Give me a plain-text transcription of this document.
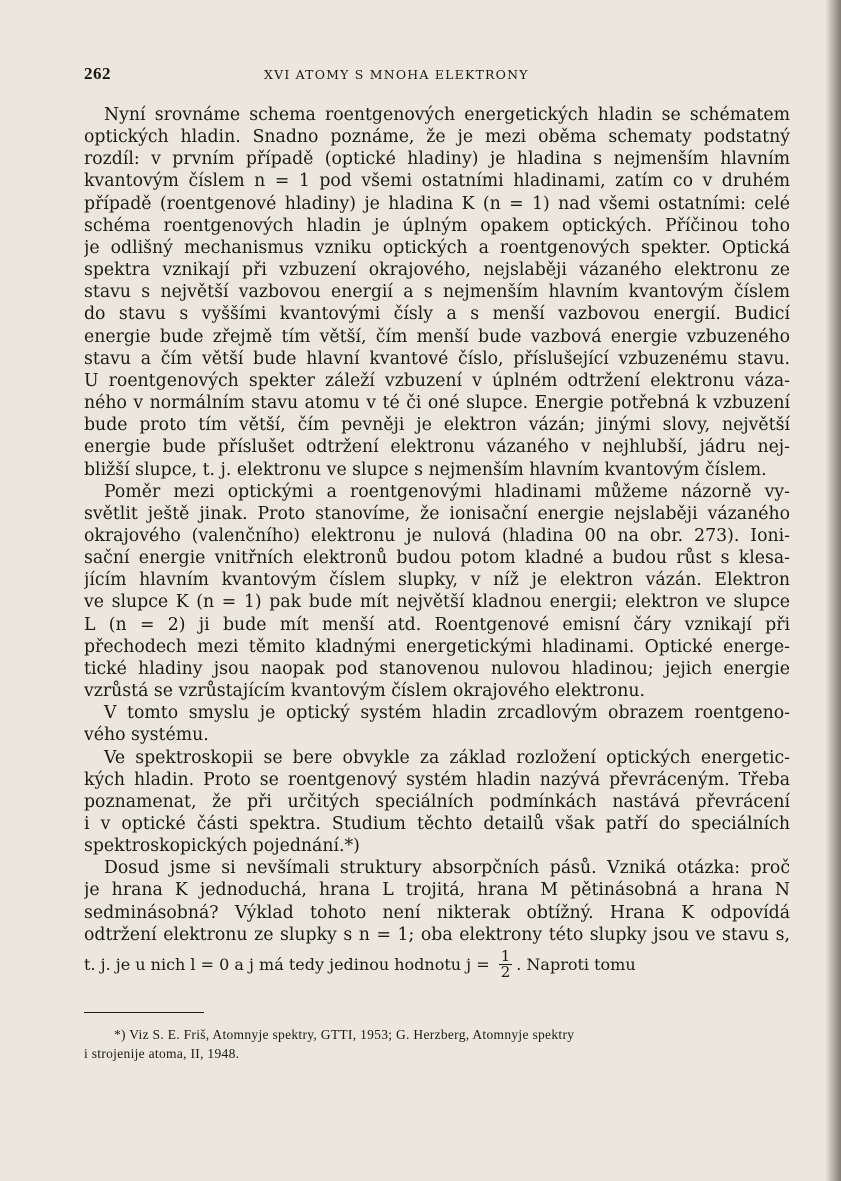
262	XVI ATOMY S MNOHA ELEKTRONY
Nyní srovnáme schema roentgenových energetických hladin se schématem
optických hladin. Snadno poznáme, že je mezi oběma schematy podstatný
rozdíl: v prvním případě (optické hladiny) je hladina s nejmenším hlavním
kvantovým číslem n = 1 pod všemi ostatními hladinami, zatím co v druhém
případě (roentgenové hladiny) je hladina K (n = 1) nad všemi ostatními: celé
schéma roentgenových hladin je úplným opakem optických. Příčinou toho
je odlišný mechanismus vzniku optických a roentgenových spekter. Optická
spektra vznikají při vzbuzení okrajového, nejslaběji vázaného elektronu ze
stavu s největší vazbovou energií a s nejmenším hlavním kvantovým číslem
do stavu s vyššími kvantovými čísly a s menší vazbovou energií. Budicí
energie bude zřejmě tím větší, čím menší bude vazbová energie vzbuzeného
stavu a čím větší bude hlavní kvantové číslo, příslušející vzbuzenému stavu.
U roentgenových spekter záleží vzbuzení v úplném odtržení elektronu váza-
ného v normálním stavu atomu v té či oné slupce. Energie potřebná k vzbuzení
bude proto tím větší, čím pevněji je elektron vázán; jinými slovy, největší
energie bude příslušet odtržení elektronu vázaného v nejhlubší, jádru nej-
bližší slupce, t. j. elektronu ve slupce s nejmenším hlavním kvantovým číslem.
Poměr mezi optickými a roentgenovými hladinami můžeme názorně vy-
světlit ještě jinak. Proto stanovíme, že ionisační energie nejslaběji vázaného
okrajového (valenčního) elektronu je nulová (hladina 00 na obr. 273). Ioni-
sační energie vnitřních elektronů budou potom kladné a budou růst s klesa-
jícím hlavním kvantovým číslem slupky, v níž je elektron vázán. Elektron
ve slupce K (n = 1) pak bude mít největší kladnou energii; elektron ve slupce
L (n = 2) ji bude mít menší atd. Roentgenové emisní čáry vznikají při
přechodech mezi těmito kladnými energetickými hladinami. Optické energe-
tické hladiny jsou naopak pod stanovenou nulovou hladinou; jejich energie
vzrůstá se vzrůstajícím kvantovým číslem okrajového elektronu.
V tomto smyslu je optický systém hladin zrcadlovým obrazem roentgeno-
vého systému.
Ve spektroskopii se bere obvykle za základ rozložení optických energetic-
kých hladin. Proto se roentgenový systém hladin nazývá převráceným. Třeba
poznamenat, že při určitých speciálních podmínkách nastává převrácení
i v optické části spektra. Studium těchto detailů však patří do speciálních
spektroskopických pojednání.*)
Dosud jsme si nevšímali struktury absorpčních pásů. Vzniká otázka: proč
je hrana K jednoduchá, hrana L trojitá, hrana M pětinásobná a hrana N
sedminásobná? Výklad tohoto není nikterak obtížný. Hrana K odpovídá
odtržení elektronu ze slupky s n = 1; oba elektrony této slupky jsou ve stavu s,
t. j. je u nich l = 0 a j má tedy jedinou hodnotu $j = \frac{1}{2}$ . Naproti tomu
*) Viz S. E. Friš, Atomnyje spektry, GTTI, 1953; G. Herzberg, Atomnyje spektry
i strojenije atoma, II, 1948.
